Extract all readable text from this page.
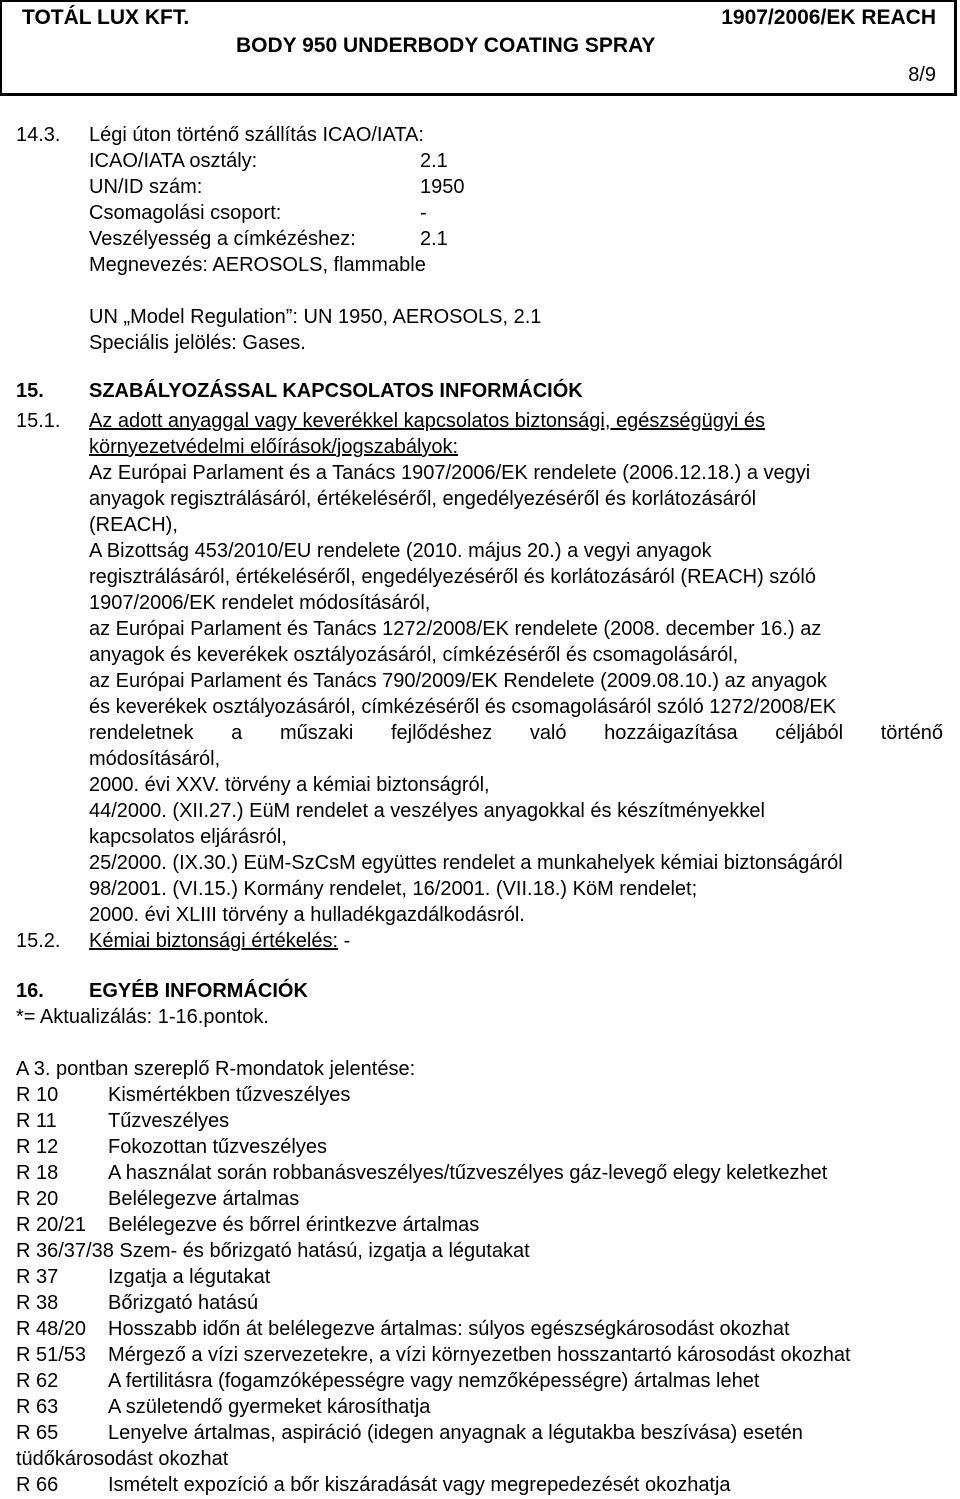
TOTÁL LUX KFT.	1907/2006/EK REACH
BODY 950 UNDERBODY COATING SPRAY
8/9
14.3. Légi úton történő szállítás ICAO/IATA:
ICAO/IATA osztály:	2.1
UN/ID szám:	1950
Csomagolási csoport:	-
Veszélyesség a címkézéshez:	2.1
Megnevezés: AEROSOLS, flammable
UN „Model Regulation”: UN 1950, AEROSOLS, 2.1
Speciális jelölés: Gases.
15. SZABÁLYOZÁSSAL KAPCSOLATOS INFORMÁCIÓK
15.1. Az adott anyaggal vagy keverékkel kapcsolatos biztonsági, egészségügyi és
környezetvédelmi előírások/jogszabályok:
Az Európai Parlament és a Tanács 1907/2006/EK rendelete (2006.12.18.) a vegyi
anyagok regisztrálásáról, értékeléséről, engedélyezéséről és korlátozásáról
(REACH),
A Bizottság 453/2010/EU rendelete (2010. május 20.) a vegyi anyagok
regisztrálásáról, értékeléséről, engedélyezéséről és korlátozásáról (REACH) szóló
1907/2006/EK rendelet módosításáról,
az Európai Parlament és Tanács 1272/2008/EK rendelete (2008. december 16.) az
anyagok és keverékek osztályozásáról, címkézéséről és csomagolásáról,
az Európai Parlament és Tanács 790/2009/EK Rendelete (2009.08.10.) az anyagok
és keverékek osztályozásáról, címkézéséről és csomagolásáról szóló 1272/2008/EK
rendeletnek a műszaki fejlődéshez való hozzáigazítása céljából történő
módosításáról,
2000. évi XXV. törvény a kémiai biztonságról,
44/2000. (XII.27.) EüM rendelet a veszélyes anyagokkal és készítményekkel
kapcsolatos eljárásról,
25/2000. (IX.30.) EüM-SzCsM együttes rendelet a munkahelyek kémiai biztonságáról
98/2001. (VI.15.) Kormány rendelet, 16/2001. (VII.18.) KöM rendelet;
2000. évi XLIII törvény a hulladékgazdálkodásról.
15.2. Kémiai biztonsági értékelés: -
16. EGYÉB INFORMÁCIÓK
*= Aktualizálás: 1-16.pontok.
A 3. pontban szereplő R-mondatok jelentése:
R 10 Kismértékben tűzveszélyes
R 11	Tűzveszélyes
R 12 Fokozottan tűzveszélyes
R 18 A használat során robbanásveszélyes/tűzveszélyes gáz-levegő elegy keletkezhet
R 20 Belélegezve ártalmas
R 20/21 Belélegezve és bőrrel érintkezve ártalmas
R 36/37/38 Szem- és bőrizgató hatású, izgatja a légutakat
R 37 Izgatja a légutakat
R 38 Bőrizgató hatású
R 48/20 Hosszabb időn át belélegezve ártalmas: súlyos egészségkárosodást okozhat
R 51/53 Mérgező a vízi szervezetekre, a vízi környezetben hosszantartó károsodást okozhat
R 62 A fertilitásra (fogamzóképességre vagy nemzőképességre) ártalmas lehet
R 63 A születendő gyermeket károsíthatja
R 65 Lenyelve ártalmas, aspiráció (idegen anyagnak a légutakba beszívása) esetén
tüdőkárosodást okozhat
R 66 Ismételt expozíció a bőr kiszáradását vagy megrepedezését okozhatja
